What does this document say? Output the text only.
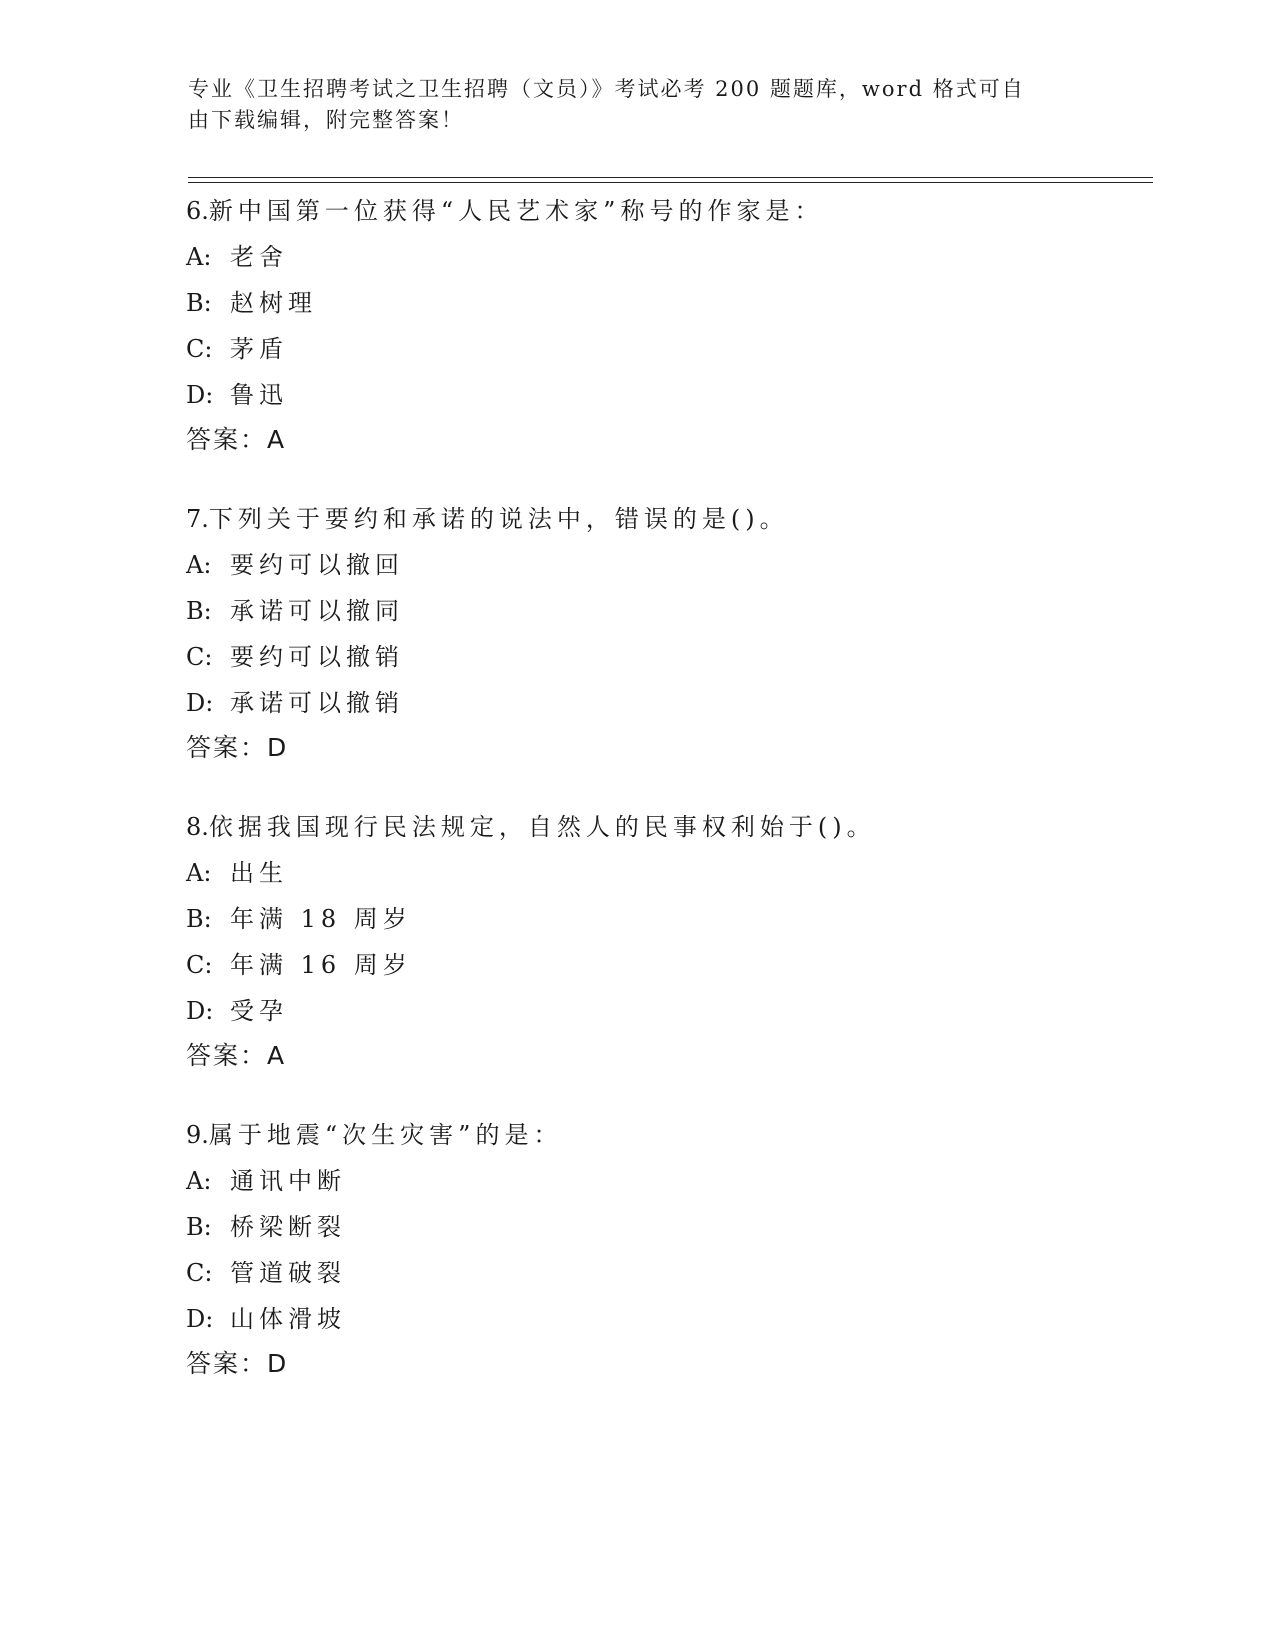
专业《卫生招聘考试之卫生招聘（文员）》考试必考 200 题题库，word 格式可自
由下载编辑，附完整答案！
6.新中国第一位获得“人民艺术家”称号的作家是：
A: 老舍
B: 赵树理
C: 茅盾
D: 鲁迅
答案：A
7.下列关于要约和承诺的说法中，错误的是()。
A: 要约可以撤回
B: 承诺可以撤同
C: 要约可以撤销
D: 承诺可以撤销
答案：D
8.依据我国现行民法规定，自然人的民事权利始于()。
A: 出生
B: 年满 18 周岁
C: 年满 16 周岁
D: 受孕
答案：A
9.属于地震“次生灾害”的是：
A: 通讯中断
B: 桥梁断裂
C: 管道破裂
D: 山体滑坡
答案：D
